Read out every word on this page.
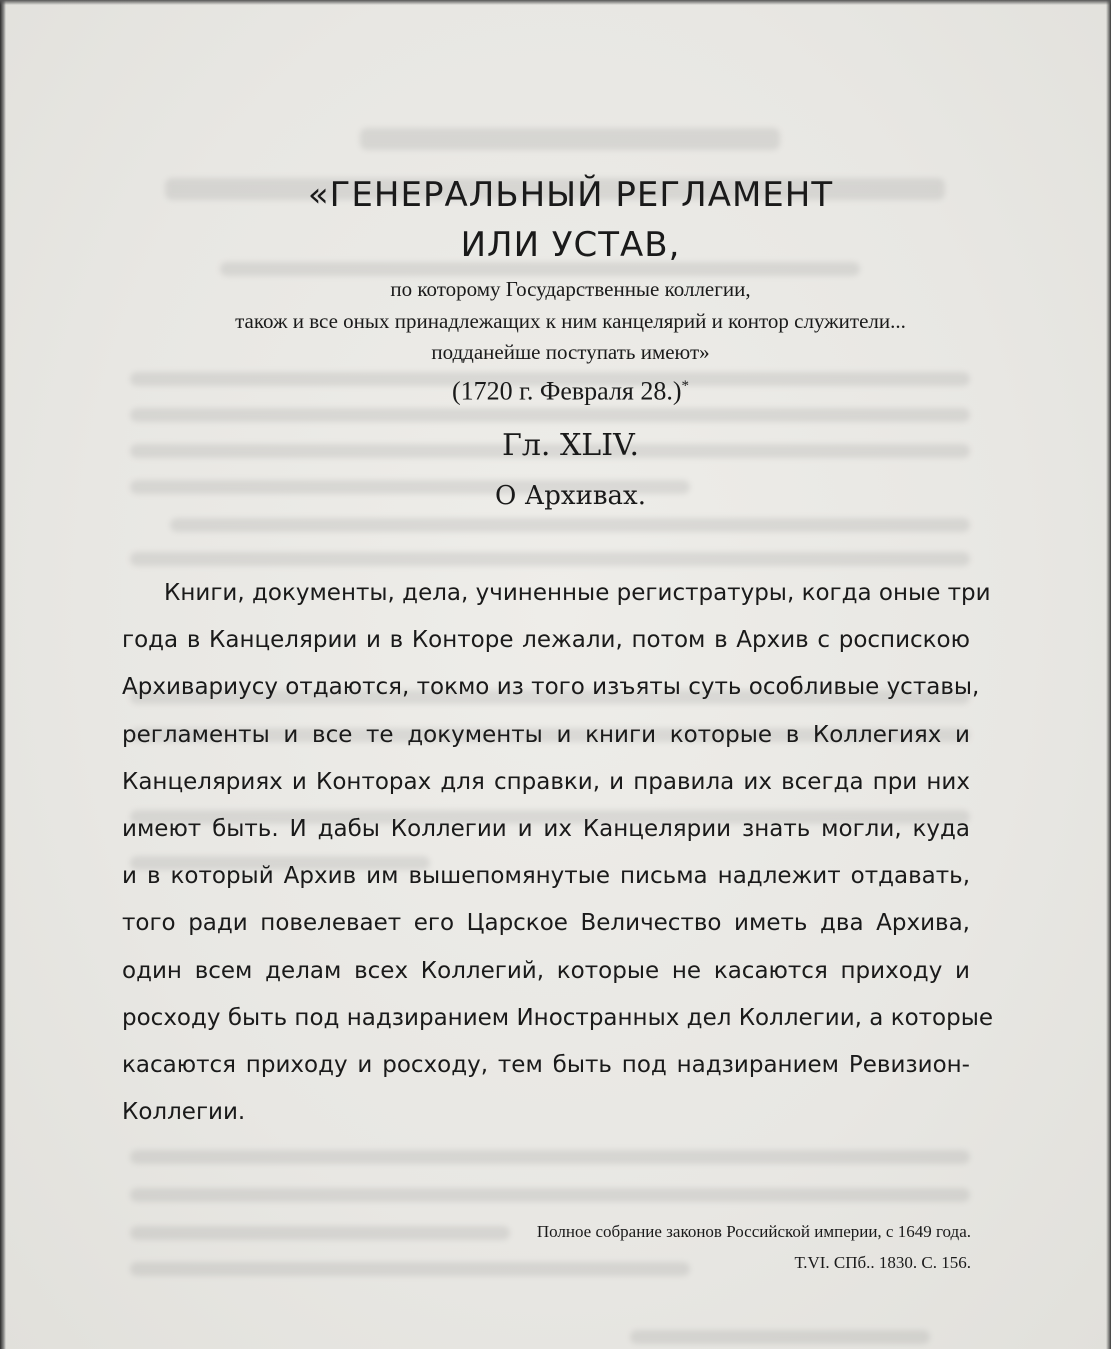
«ГЕНЕРАЛЬНЫЙ РЕГЛАМЕНТ
ИЛИ УСТАВ,
по которому Государственные коллегии,
також и все оных принадлежащих к ним канцелярий и контор служители...
подданейше поступать имеют»
(1720 г. Февраля 28.)*
Гл. XLIV.
О Архивах.
Книги, документы, дела, учиненные регистратуры, когда оные три
года в Канцелярии и в Конторе лежали, потом в Архив с роспискою
Архивариусу отдаются, токмо из того изъяты суть особливые уставы,
регламенты и все те документы и книги которые в Коллегиях и
Канцеляриях и Конторах для справки, и правила их всегда при них
имеют быть. И дабы Коллегии и их Канцелярии знать могли, куда
и в который Архив им вышепомянутые письма надлежит отдавать,
того ради повелевает его Царское Величество иметь два Архива,
один всем делам всех Коллегий, которые не касаются приходу и
росходу быть под надзиранием Иностранных дел Коллегии, а которые
касаются приходу и росходу, тем быть под надзиранием Ревизион-
Коллегии.
Полное собрание законов Российской империи, с 1649 года.
Т.VI. СПб.. 1830. С. 156.
